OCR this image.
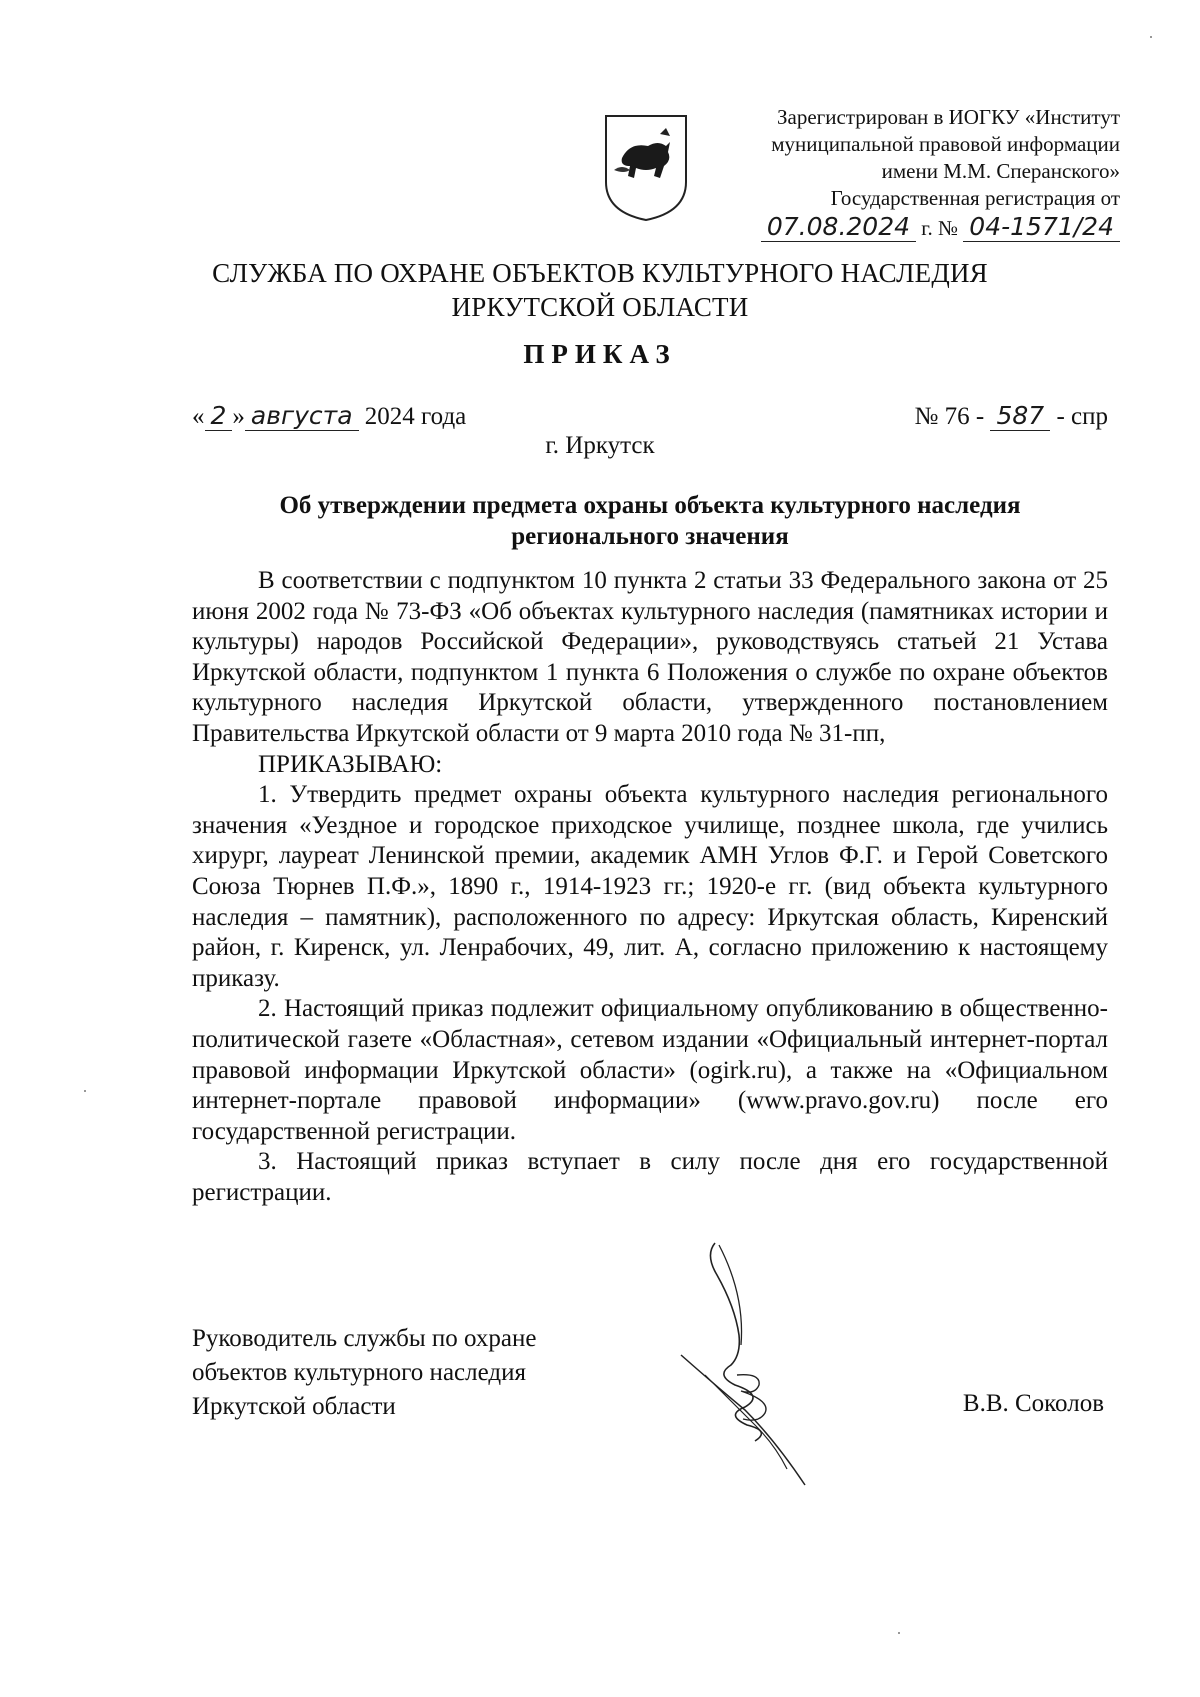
Зарегистрирован в ИОГКУ «Институт
муниципальной правовой информации
имени М.М. Сперанского»
Государственная регистрация от
07.08.2024 г. № 04-1571/24
СЛУЖБА ПО ОХРАНЕ ОБЪЕКТОВ КУЛЬТУРНОГО НАСЛЕДИЯ
ИРКУТСКОЙ ОБЛАСТИ
ПРИКАЗ
« 2 » августа 2024 года	№ 76 - 587 - спр
г. Иркутск
Об утверждении предмета охраны объекта культурного наследия
регионального значения

В соответствии с подпунктом 10 пункта 2 статьи 33 Федерального закона от 25 июня 2002 года № 73-ФЗ «Об объектах культурного наследия (памятниках истории и культуры) народов Российской Федерации», руководствуясь статьей 21 Устава Иркутской области, подпунктом 1 пункта 6 Положения о службе по охране объектов культурного наследия Иркутской области, утвержденного постановлением Правительства Иркутской области от 9 марта 2010 года № 31-пп,

ПРИКАЗЫВАЮ:

1. Утвердить предмет охраны объекта культурного наследия регионального значения «Уездное и городское приходское училище, позднее школа, где учились хирург, лауреат Ленинской премии, академик АМН Углов Ф.Г. и Герой Советского Союза Тюрнев П.Ф.», 1890 г., 1914-1923 гг.; 1920-е гг. (вид объекта культурного наследия – памятник), расположенного по адресу: Иркутская область, Киренский район, г. Киренск, ул. Ленрабочих, 49, лит. А, согласно приложению к настоящему приказу.

2. Настоящий приказ подлежит официальному опубликованию в общественно-политической газете «Областная», сетевом издании «Официальный интернет-портал правовой информации Иркутской области» (ogirk.ru), а также на «Официальном интернет-портале правовой информации» (www.pravo.gov.ru) после его государственной регистрации.

3. Настоящий приказ вступает в силу после дня его государственной регистрации.

Руководитель службы по охране
объектов культурного наследия
Иркутской области	В.В. Соколов
